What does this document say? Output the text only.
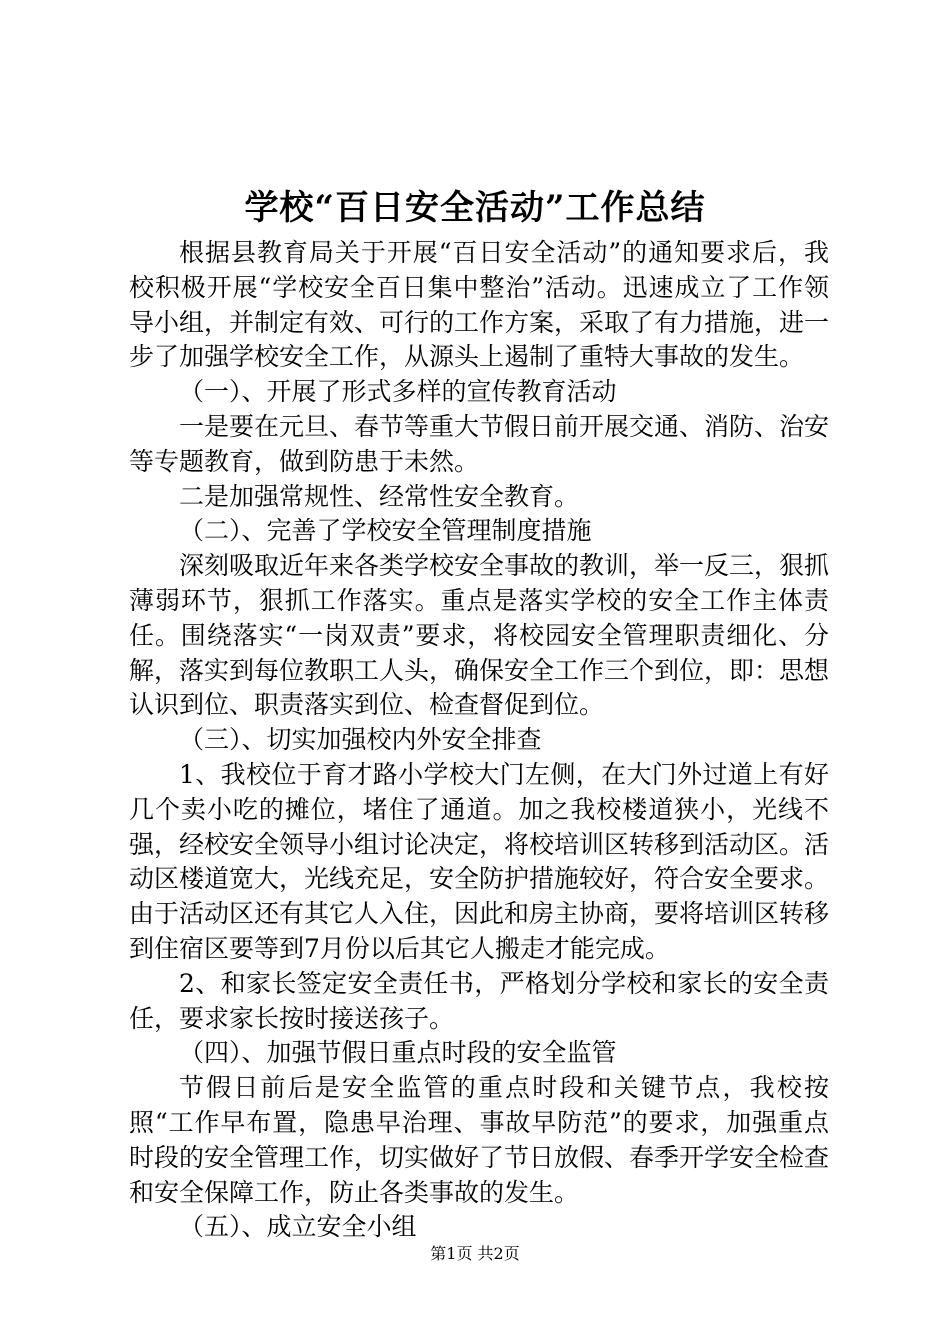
学校“百日安全活动”工作总结

根据县教育局关于开展“百日安全活动”的通知要求后，我校积极开展“学校安全百日集中整治”活动。迅速成立了工作领导小组，并制定有效、可行的工作方案，采取了有力措施，进一步了加强学校安全工作，从源头上遏制了重特大事故的发生。

（一）、开展了形式多样的宣传教育活动

一是要在元旦、春节等重大节假日前开展交通、消防、治安等专题教育，做到防患于未然。

二是加强常规性、经常性安全教育。

（二）、完善了学校安全管理制度措施

深刻吸取近年来各类学校安全事故的教训，举一反三，狠抓薄弱环节，狠抓工作落实。重点是落实学校的安全工作主体责任。围绕落实“一岗双责”要求，将校园安全管理职责细化、分解，落实到每位教职工人头，确保安全工作三个到位，即：思想认识到位、职责落实到位、检查督促到位。

（三）、切实加强校内外安全排查

1、我校位于育才路小学校大门左侧，在大门外过道上有好几个卖小吃的摊位，堵住了通道。加之我校楼道狭小，光线不强，经校安全领导小组讨论决定，将校培训区转移到活动区。活动区楼道宽大，光线充足，安全防护措施较好，符合安全要求。由于活动区还有其它人入住，因此和房主协商，要将培训区转移到住宿区要等到7月份以后其它人搬走才能完成。

2、和家长签定安全责任书，严格划分学校和家长的安全责任，要求家长按时接送孩子。

（四）、加强节假日重点时段的安全监管

节假日前后是安全监管的重点时段和关键节点，我校按照“工作早布置，隐患早治理、事故早防范”的要求，加强重点时段的安全管理工作，切实做好了节日放假、春季开学安全检查和安全保障工作，防止各类事故的发生。

（五）、成立安全小组

第1页 共2页
